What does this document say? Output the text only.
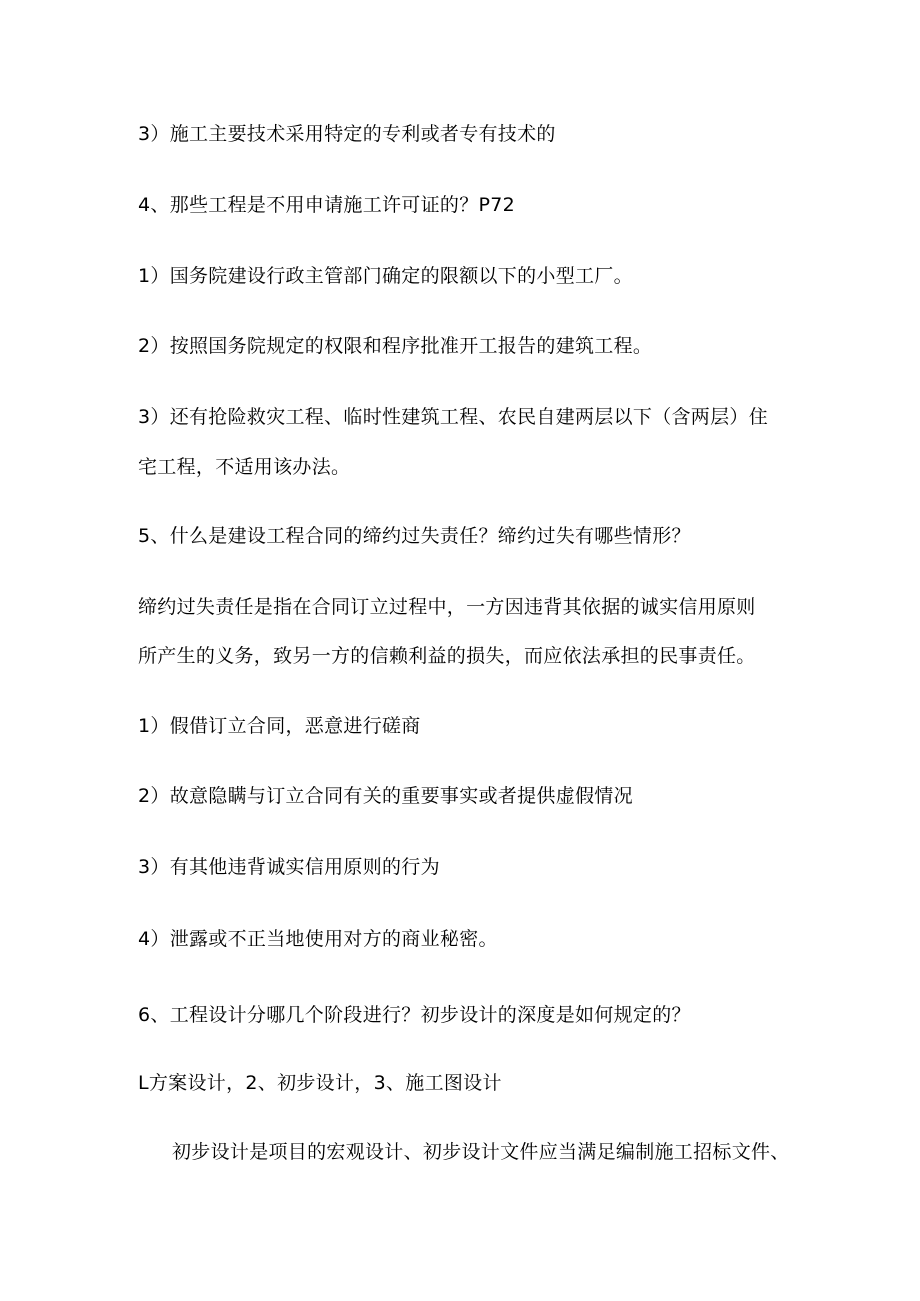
3）施工主要技术采用特定的专利或者专有技术的
4、那些工程是不用申请施工许可证的？P72
1）国务院建设行政主管部门确定的限额以下的小型工厂。
2）按照国务院规定的权限和程序批准开工报告的建筑工程。
3）还有抢险救灾工程、临时性建筑工程、农民自建两层以下（含两层）住
宅工程，不适用该办法。
5、什么是建设工程合同的缔约过失责任？缔约过失有哪些情形？
缔约过失责任是指在合同订立过程中，一方因违背其依据的诚实信用原则
所产生的义务，致另一方的信赖利益的损失，而应依法承担的民事责任。
1）假借订立合同，恶意进行磋商
2）故意隐瞒与订立合同有关的重要事实或者提供虚假情况
3）有其他违背诚实信用原则的行为
4）泄露或不正当地使用对方的商业秘密。
6、工程设计分哪几个阶段进行？初步设计的深度是如何规定的？
L方案设计，2、初步设计，3、施工图设计
初步设计是项目的宏观设计、初步设计文件应当满足编制施工招标文件、
